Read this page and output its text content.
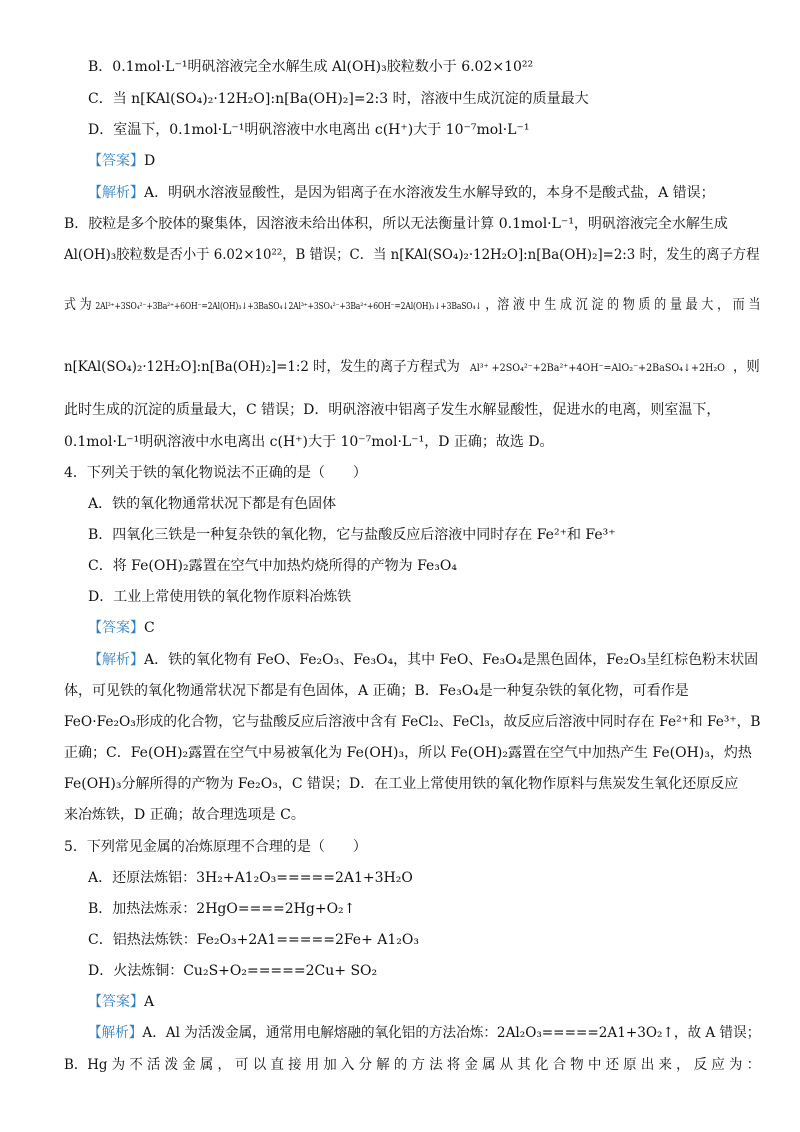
B．0.1mol·L⁻¹明矾溶液完全水解生成 Al(OH)₃胶粒数小于 6.02×10²²
C．当 n[KAl(SO₄)₂·12H₂O]:n[Ba(OH)₂]=2:3 时，溶液中生成沉淀的质量最大
D．室温下，0.1mol·L⁻¹明矾溶液中水电离出 c(H⁺)大于 10⁻⁷mol·L⁻¹
【 答案 】 D
【 解析 】 A．明矾水溶液显酸性，是因为铝离子在水溶液发生水解导致的，本身不是酸式盐，A 错误；
B．胶粒是多个胶体的聚集体，因溶液未给出体积，所以无法衡量计算 0.1mol·L⁻¹，明矾溶液完全水解生成
Al(OH)₃胶粒数是否小于 6.02×10²²，B 错误；C．当 n[KAl(SO₄)₂·12H₂O]:n[Ba(OH)₂]=2:3 时，发生的离子方程
式 为 2Al³⁺+3SO₄²⁻+3Ba²⁺+6OH⁻=2Al(OH)₃↓+3BaSO₄↓2Al³⁺+3SO₄²⁻+3Ba²⁺+6OH⁻=2Al(OH)₃↓+3BaSO₄↓ ，溶 液 中 生 成 沉 淀 的 物 质 的 量 最 大 ， 而 当
n[KAl(SO₄)₂·12H₂O]:n[Ba(OH)₂]=1:2 时，发生的离子方程式为 Al³⁺ +2SO₄²⁻+2Ba²⁺+4OH⁻=AlO₂⁻+2BaSO₄↓+2H₂O ，则
此时生成的沉淀的质量最大，C 错误；D．明矾溶液中铝离子发生水解显酸性，促进水的电离，则室温下，
0.1mol·L⁻¹明矾溶液中水电离出 c(H⁺)大于 10⁻⁷mol·L⁻¹，D 正确；故选 D。
4．下列关于铁的氧化物说法不正确的是（　　）
A．铁的氧化物通常状况下都是有色固体
B．四氧化三铁是一种复杂铁的氧化物，它与盐酸反应后溶液中同时存在 Fe²⁺和 Fe³⁺
C．将 Fe(OH)₂露置在空气中加热灼烧所得的产物为 Fe₃O₄
D．工业上常使用铁的氧化物作原料冶炼铁
【 答案 】 C
【 解析 】 A．铁的氧化物有 FeO、Fe₂O₃、Fe₃O₄，其中 FeO、Fe₃O₄是黑色固体，Fe₂O₃呈红棕色粉末状固
体，可见铁的氧化物通常状况下都是有色固体，A 正确；B．Fe₃O₄是一种复杂铁的氧化物，可看作是
FeO·Fe₂O₃形成的化合物，它与盐酸反应后溶液中含有 FeCl₂、FeCl₃，故反应后溶液中同时存在 Fe²⁺和 Fe³⁺，B
正确；C．Fe(OH)₂露置在空气中易被氧化为 Fe(OH)₃，所以 Fe(OH)₂露置在空气中加热产生 Fe(OH)₃，灼热
Fe(OH)₃分解所得的产物为 Fe₂O₃，C 错误；D．在工业上常使用铁的氧化物作原料与焦炭发生氧化还原反应
来冶炼铁，D 正确；故合理选项是 C。
5．下列常见金属的冶炼原理不合理的是（　　）
A．还原法炼铝：3H₂+A1₂O₃=====2A1+3H₂O
B．加热法炼汞：2HgO====2Hg+O₂↑
C．铝热法炼铁：Fe₂O₃+2A1=====2Fe+ A1₂O₃
D．火法炼铜：Cu₂S+O₂=====2Cu+ SO₂
【 答案 】 A
【 解析 】 A．Al 为活泼金属，通常用电解熔融的氧化铝的方法冶炼：2Al₂O₃=====2A1+3O₂↑，故 A 错误；
B．Hg 为 不 活 泼 金 属 ， 可 以 直 接 用 加 入 分 解 的 方 法 将 金 属 从 其 化 合 物 中 还 原 出 来 ， 反 应 为 ：
